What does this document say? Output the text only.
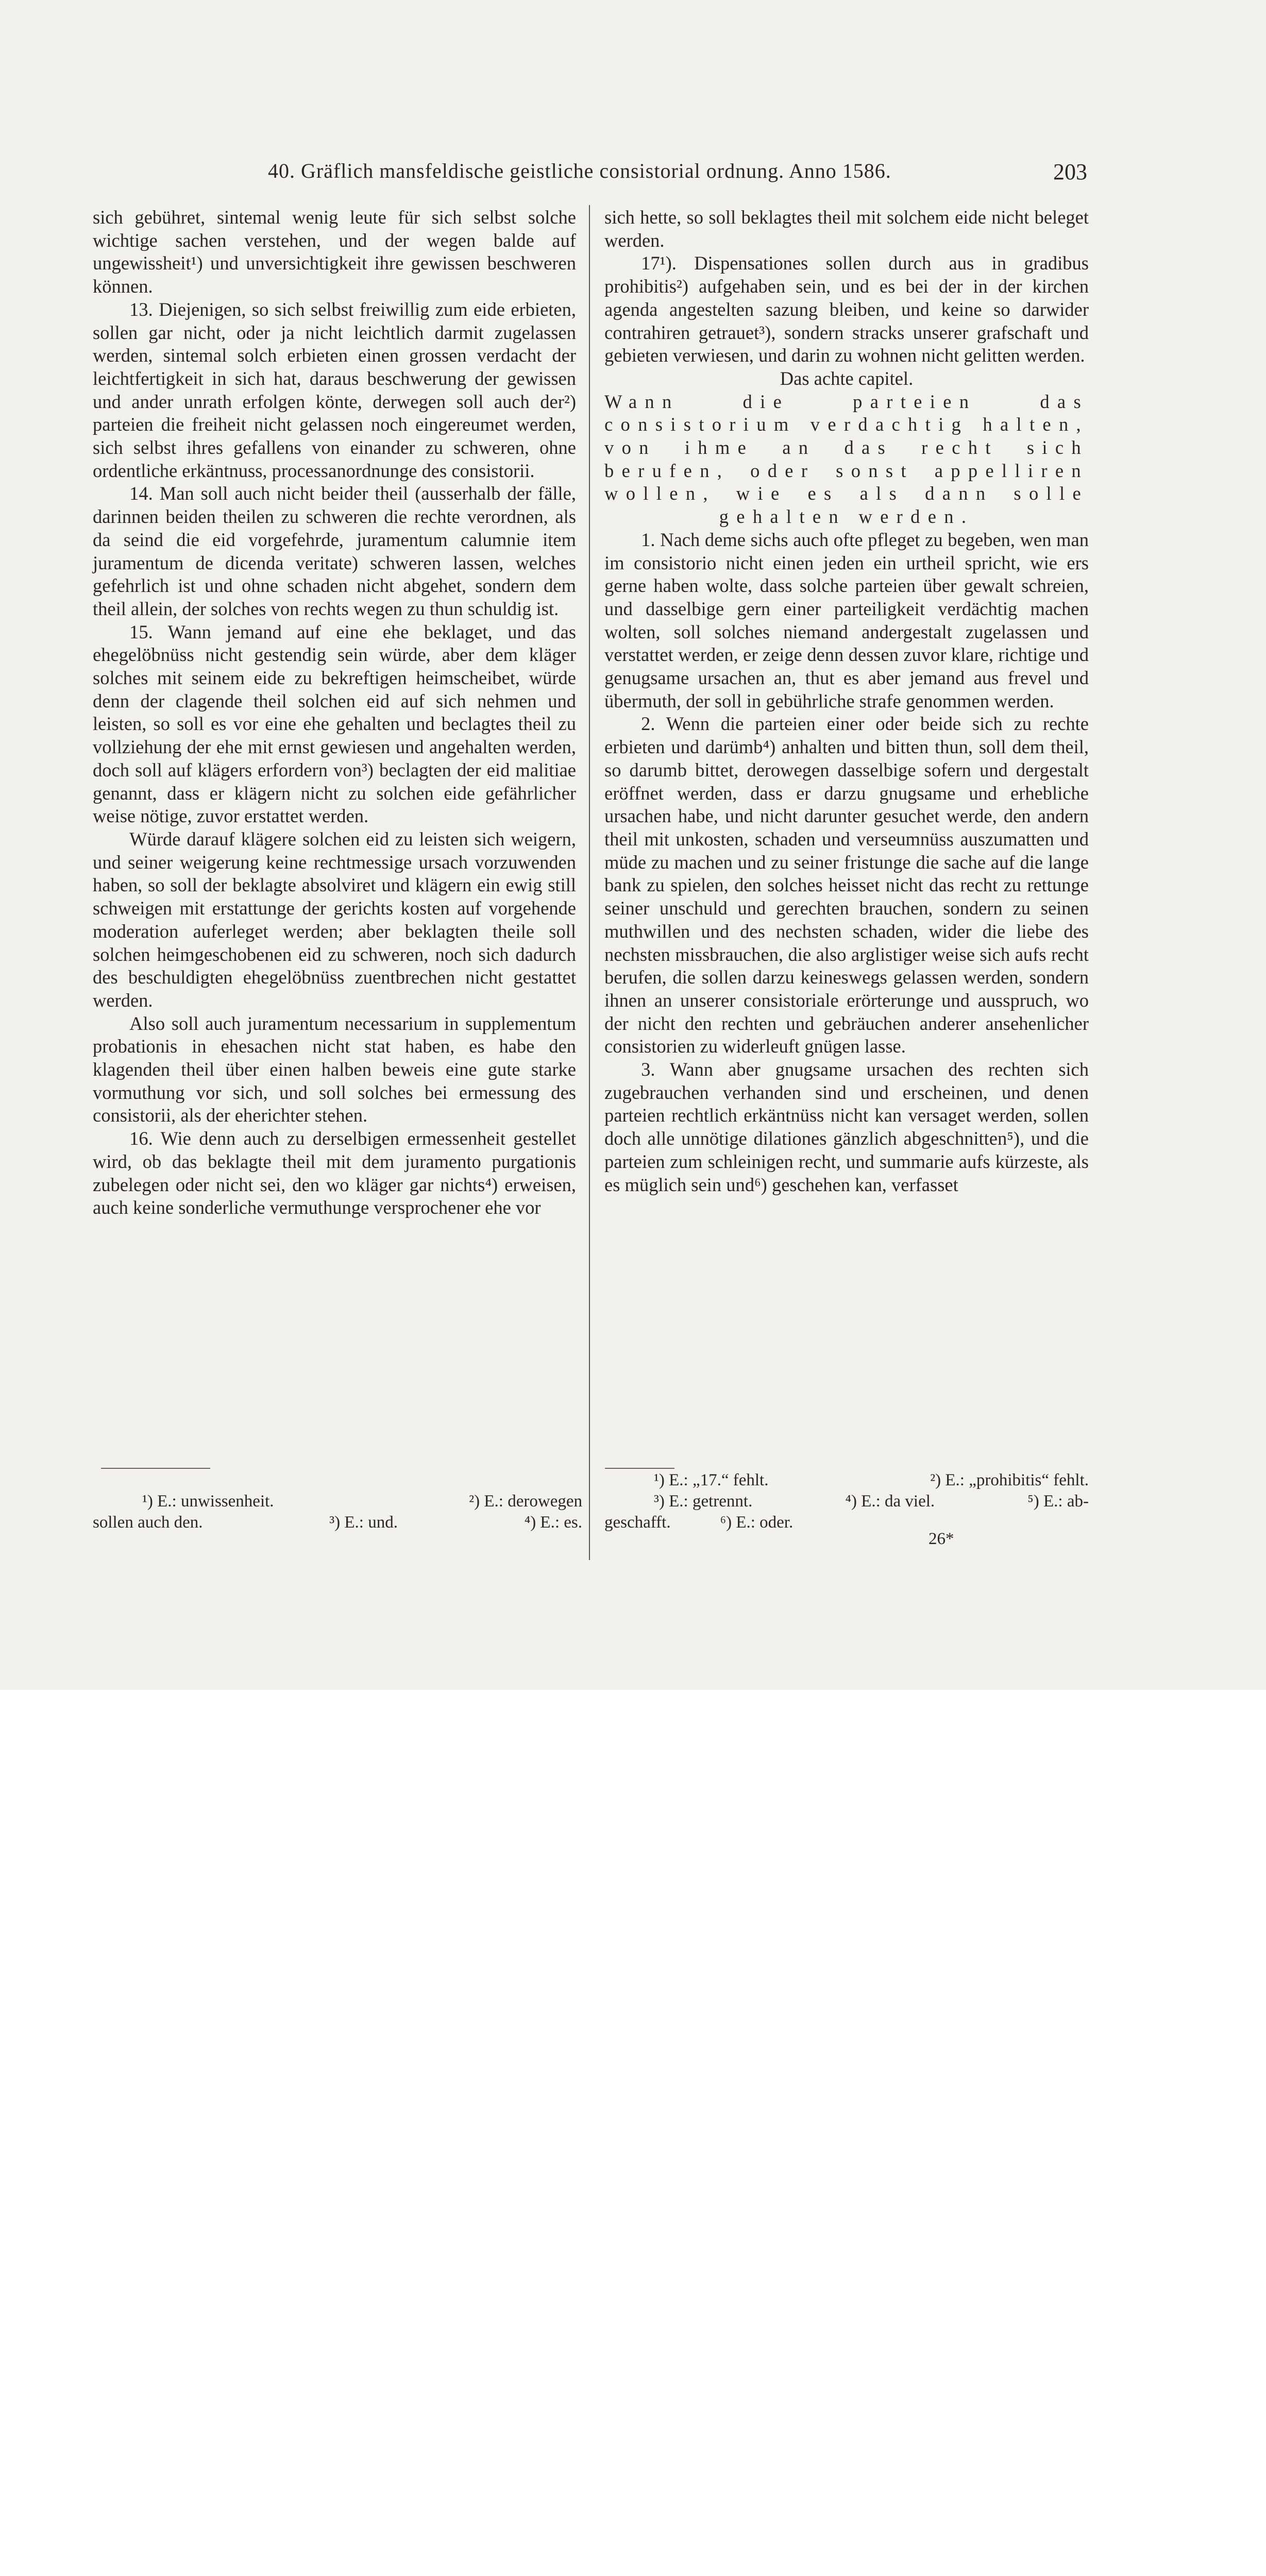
40. Gräflich mansfeldische geistliche consistorial ordnung. Anno 1586.	203

sich gebühret, sintemal wenig leute für sich selbst solche wichtige sachen verstehen, und der wegen balde auf ungewissheit¹) und unversichtigkeit ihre gewissen beschweren können.

13. Diejenigen, so sich selbst freiwillig zum eide erbieten, sollen gar nicht, oder ja nicht leichtlich darmit zugelassen werden, sintemal solch erbieten einen grossen verdacht der leichtfertigkeit in sich hat, daraus beschwerung der gewissen und ander unrath erfolgen könte, derwegen soll auch der²) parteien die freiheit nicht gelassen noch eingereumet werden, sich selbst ihres gefallens von einander zu schweren, ohne ordentliche erkäntnuss, processanordnunge des consistorii.

14. Man soll auch nicht beider theil (ausserhalb der fälle, darinnen beiden theilen zu schweren die rechte verordnen, als da seind die eid vorgefehrde, juramentum calumnie item juramentum de dicenda veritate) schweren lassen, welches gefehrlich ist und ohne schaden nicht abgehet, sondern dem theil allein, der solches von rechts wegen zu thun schuldig ist.

15. Wann jemand auf eine ehe beklaget, und das ehegelöbnüss nicht gestendig sein würde, aber dem kläger solches mit seinem eide zu bekreftigen heimscheibet, würde denn der clagende theil solchen eid auf sich nehmen und leisten, so soll es vor eine ehe gehalten und beclagtes theil zu vollziehung der ehe mit ernst gewiesen und angehalten werden, doch soll auf klägers erfordern von³) beclagten der eid malitiae genannt, dass er klägern nicht zu solchen eide gefährlicher weise nötige, zuvor erstattet werden.

Würde darauf klägere solchen eid zu leisten sich weigern, und seiner weigerung keine rechtmessige ursach vorzuwenden haben, so soll der beklagte absolviret und klägern ein ewig still schweigen mit erstattunge der gerichts kosten auf vorgehende moderation auferleget werden; aber beklagten theile soll solchen heimgeschobenen eid zu schweren, noch sich dadurch des beschuldigten ehegelöbnüss zuentbrechen nicht gestattet werden.

Also soll auch juramentum necessarium in supplementum probationis in ehesachen nicht stat haben, es habe den klagenden theil über einen halben beweis eine gute starke vormuthung vor sich, und soll solches bei ermessung des consistorii, als der eherichter stehen.

16. Wie denn auch zu derselbigen ermessenheit gestellet wird, ob das beklagte theil mit dem juramento purgationis zubelegen oder nicht sei, den wo kläger gar nichts⁴) erweisen, auch keine sonderliche vermuthunge versprochener ehe vor

sich hette, so soll beklagtes theil mit solchem eide nicht beleget werden.

17¹). Dispensationes sollen durch aus in gradibus prohibitis²) aufgehaben sein, und es bei der in der kirchen agenda angestelten sazung bleiben, und keine so darwider contrahiren getrauet³), sondern stracks unserer grafschaft und gebieten verwiesen, und darin zu wohnen nicht gelitten werden.

Das achte capitel.

Wann die parteien das consistorium verdachtig halten, von ihme an das recht sich berufen, oder sonst appelliren wollen, wie es als dann solle gehalten werden.

1. Nach deme sichs auch ofte pfleget zu begeben, wen man im consistorio nicht einen jeden ein urtheil spricht, wie ers gerne haben wolte, dass solche parteien über gewalt schreien, und dasselbige gern einer parteiligkeit verdächtig machen wolten, soll solches niemand andergestalt zugelassen und verstattet werden, er zeige denn dessen zuvor klare, richtige und genugsame ursachen an, thut es aber jemand aus frevel und übermuth, der soll in gebührliche strafe genommen werden.

2. Wenn die parteien einer oder beide sich zu rechte erbieten und darümb⁴) anhalten und bitten thun, soll dem theil, so darumb bittet, derowegen dasselbige sofern und dergestalt eröffnet werden, dass er darzu gnugsame und erhebliche ursachen habe, und nicht darunter gesuchet werde, den andern theil mit unkosten, schaden und verseumnüss auszumatten und müde zu machen und zu seiner fristunge die sache auf die lange bank zu spielen, den solches heisset nicht das recht zu rettunge seiner unschuld und gerechten brauchen, sondern zu seinen muthwillen und des nechsten schaden, wider die liebe des nechsten missbrauchen, die also arglistiger weise sich aufs recht berufen, die sollen darzu keineswegs gelassen werden, sondern ihnen an unserer consistoriale erörterunge und ausspruch, wo der nicht den rechten und gebräuchen anderer ansehenlicher consistorien zu widerleuft gnügen lasse.

3. Wann aber gnugsame ursachen des rechten sich zugebrauchen verhanden sind und erscheinen, und denen parteien rechtlich erkäntnüss nicht kan versaget werden, sollen doch alle unnötige dilationes gänzlich abgeschnitten⁵), und die parteien zum schleinigen recht, und summarie aufs kürzeste, als es müglich sein und⁶) geschehen kan, verfasset

¹) E.: unwissenheit.	²) E.: derowegen
sollen auch den.	³) E.: und.	⁴) E.: es.
¹) E.: „17.“ fehlt.	²) E.: „prohibitis“ fehlt.
³) E.: getrennt.	⁴) E.: da viel.	⁵) E.: ab-
geschafft.	⁶) E.: oder.
26*
